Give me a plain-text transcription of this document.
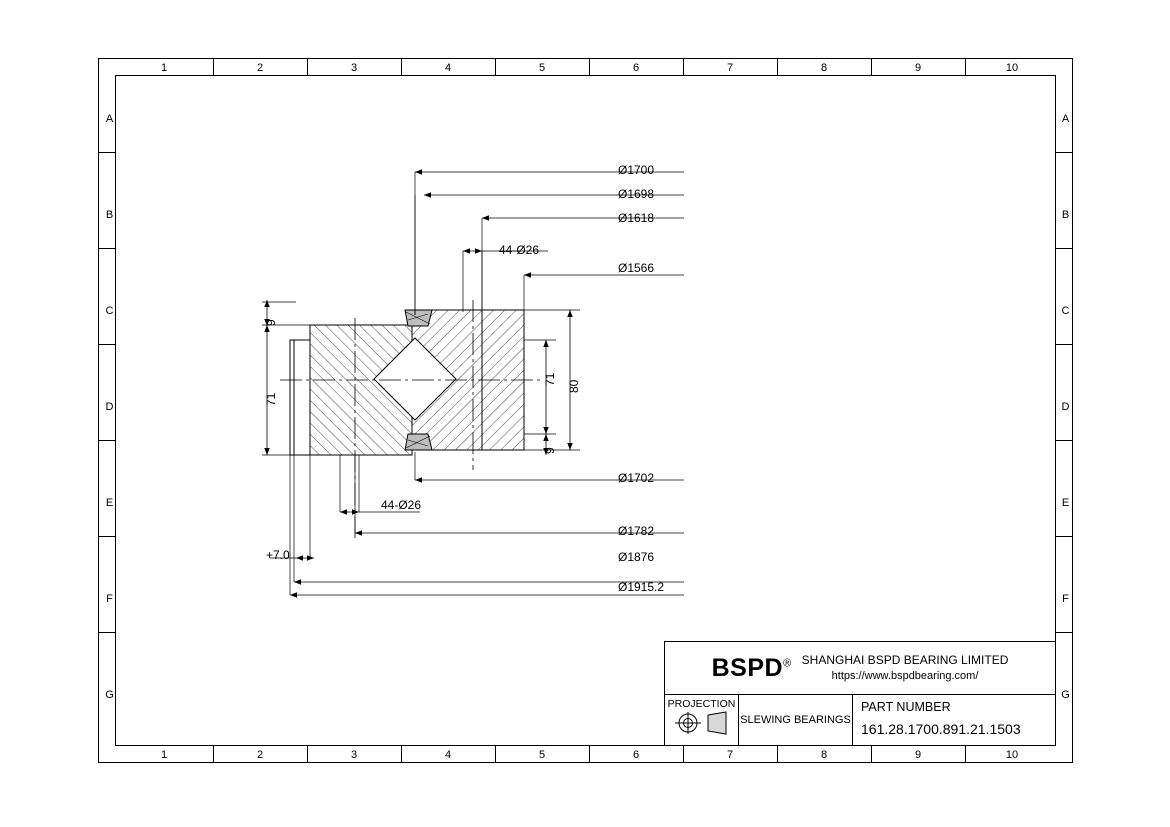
1	2	3	4	5	6	7	8	9	10
1	2	3	4	5	6	7	8	9	10
A
B
C
D
E
F
G
A
B
C
D
E
F
G
Ø1700
Ø1698
Ø1618
44-Ø26
Ø1566
Ø1702
Ø1782
Ø1876
Ø1915.2
44-Ø26
+7.0
9
71
71
80
9
BSPD® SHANGHAI BSPD BEARING LIMITED
https://www.bspdbearing.com/
PROJECTION
SLEWING BEARINGS
PART NUMBER
161.28.1700.891.21.1503
